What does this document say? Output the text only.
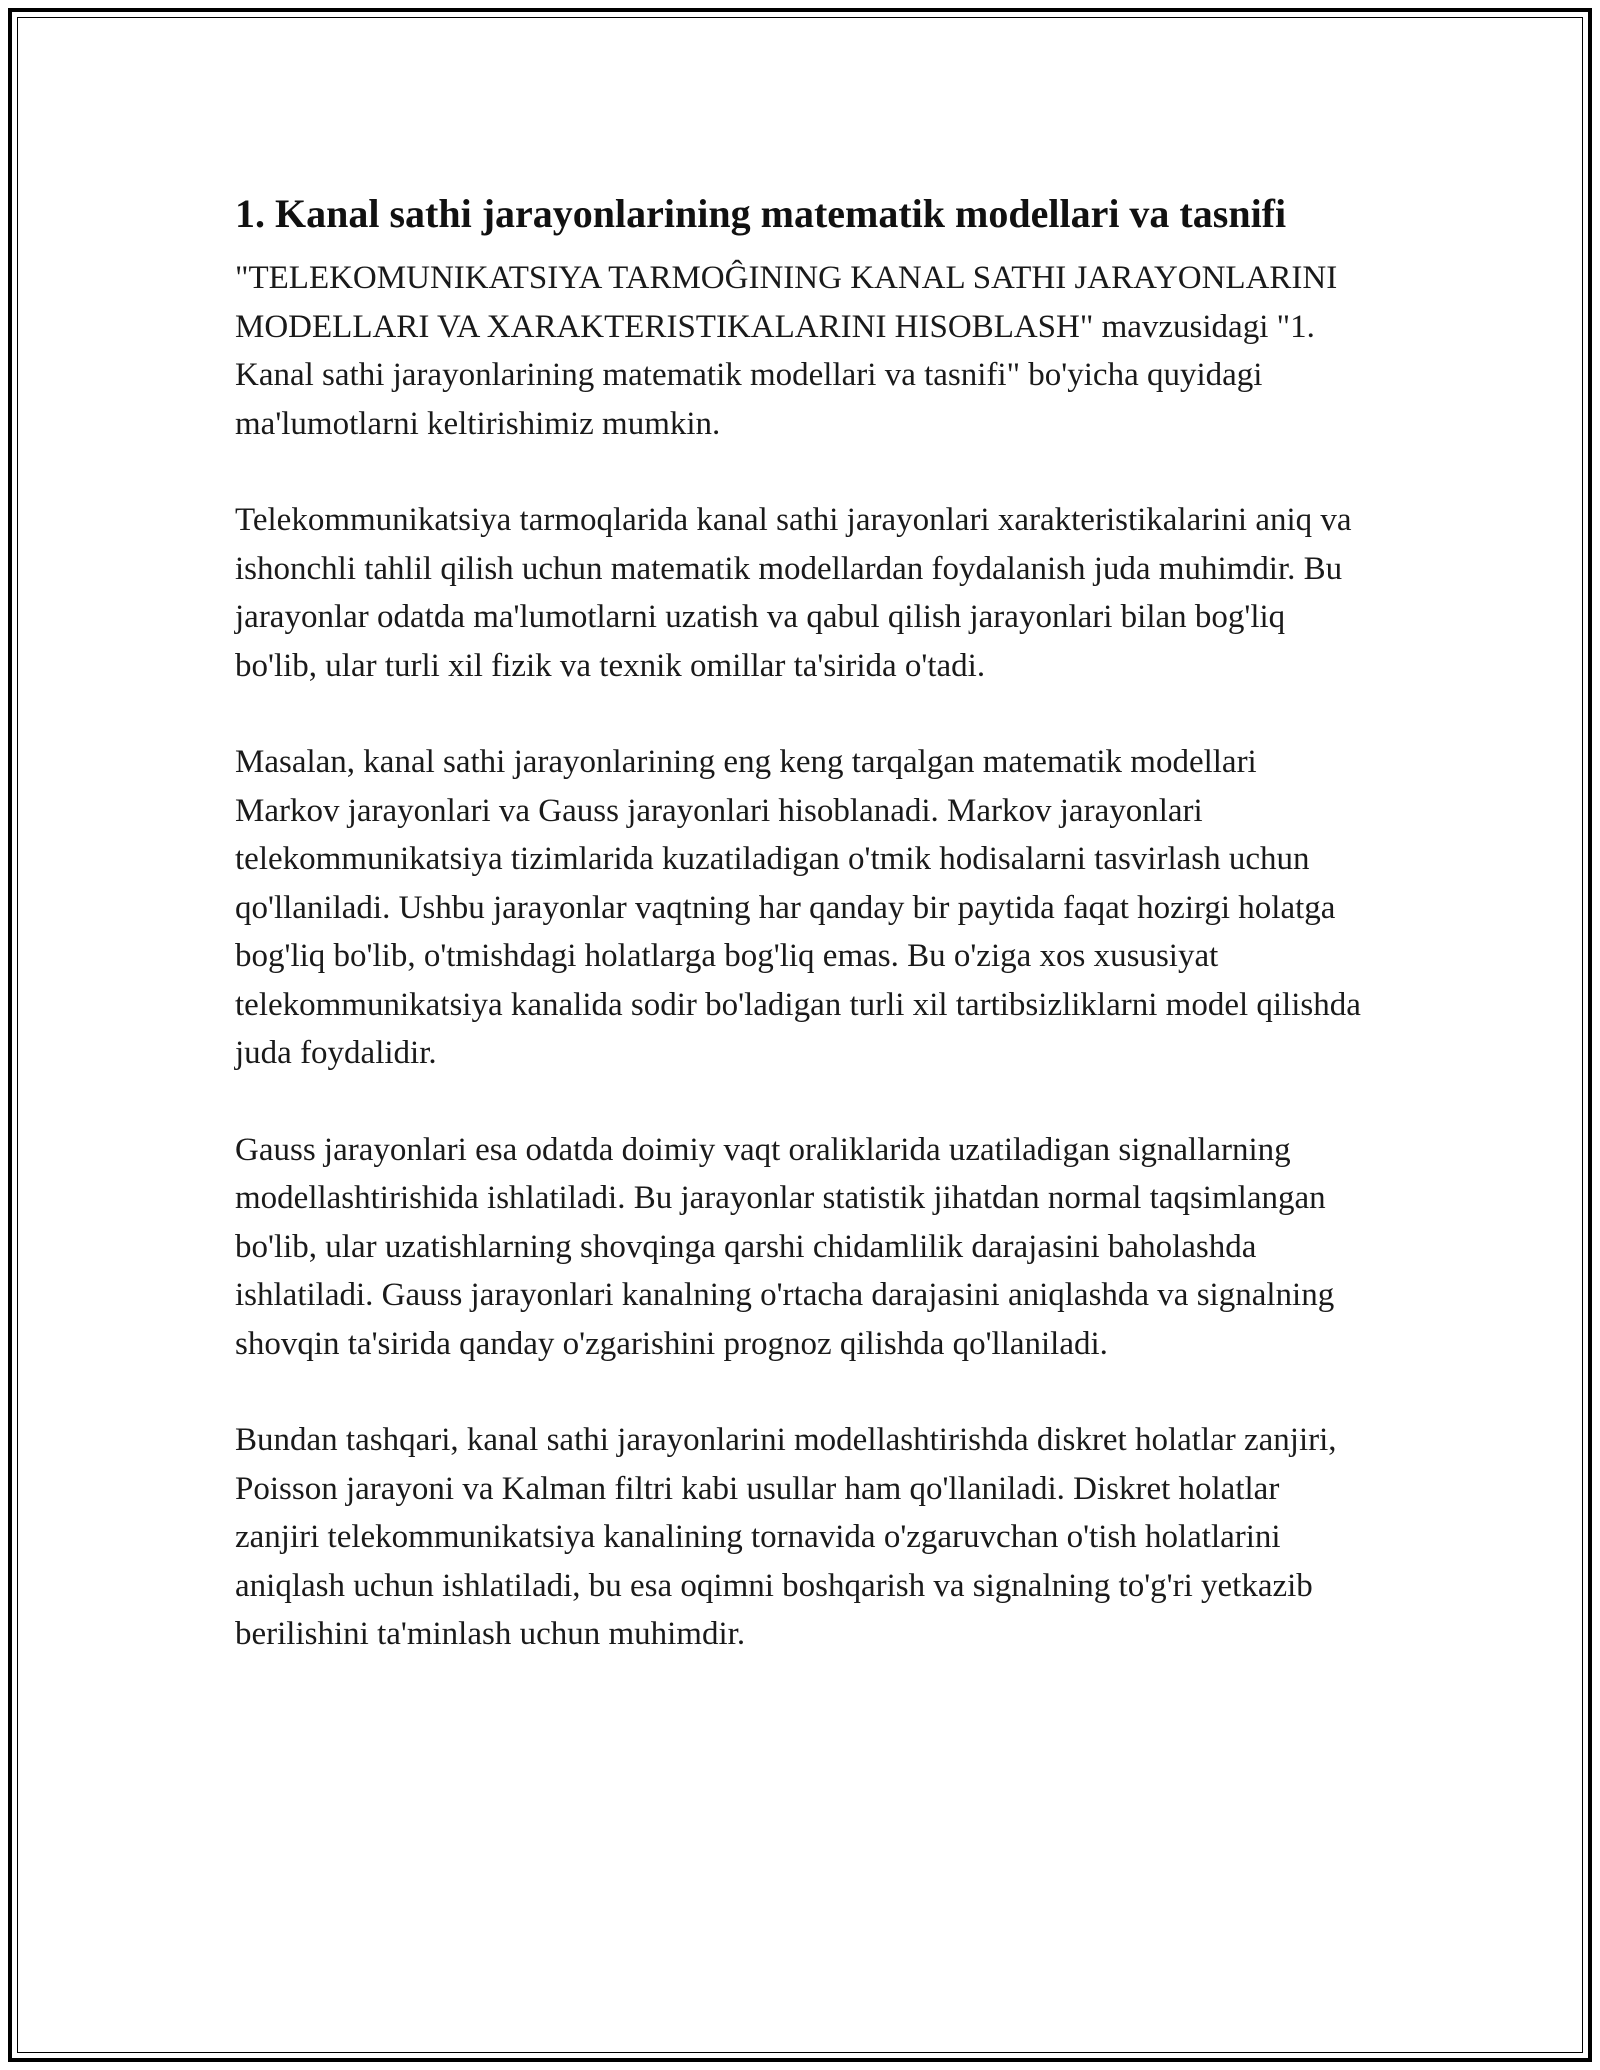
1. Kanal sathi jarayonlarining matematik modellari va tasnifi

"TELEKOMUNIKATSIYA TARMOĜINING KANAL SATHI JARAYONLARINI MODELLARI VA XARAKTERISTIKALARINI HISOBLASH" mavzusidagi "1. Kanal sathi jarayonlarining matematik modellari va tasnifi" bo'yicha quyidagi ma'lumotlarni keltirishimiz mumkin.

Telekommunikatsiya tarmoqlarida kanal sathi jarayonlari xarakteristikalarini aniq va ishonchli tahlil qilish uchun matematik modellardan foydalanish juda muhimdir. Bu jarayonlar odatda ma'lumotlarni uzatish va qabul qilish jarayonlari bilan bog'liq bo'lib, ular turli xil fizik va texnik omillar ta'sirida o'tadi.

Masalan, kanal sathi jarayonlarining eng keng tarqalgan matematik modellari Markov jarayonlari va Gauss jarayonlari hisoblanadi. Markov jarayonlari telekommunikatsiya tizimlarida kuzatiladigan o'tmik hodisalarni tasvirlash uchun qo'llaniladi. Ushbu jarayonlar vaqtning har qanday bir paytida faqat hozirgi holatga bog'liq bo'lib, o'tmishdagi holatlarga bog'liq emas. Bu o'ziga xos xususiyat telekommunikatsiya kanalida sodir bo'ladigan turli xil tartibsizliklarni model qilishda juda foydalidir.

Gauss jarayonlari esa odatda doimiy vaqt oraliklarida uzatiladigan signallarning modellashtirishida ishlatiladi. Bu jarayonlar statistik jihatdan normal taqsimlangan bo'lib, ular uzatishlarning shovqinga qarshi chidamlilik darajasini baholashda ishlatiladi. Gauss jarayonlari kanalning o'rtacha darajasini aniqlashda va signalning shovqin ta'sirida qanday o'zgarishini prognoz qilishda qo'llaniladi.

Bundan tashqari, kanal sathi jarayonlarini modellashtirishda diskret holatlar zanjiri, Poisson jarayoni va Kalman filtri kabi usullar ham qo'llaniladi. Diskret holatlar zanjiri telekommunikatsiya kanalining tornavida o'zgaruvchan o'tish holatlarini aniqlash uchun ishlatiladi, bu esa oqimni boshqarish va signalning to'g'ri yetkazib berilishini ta'minlash uchun muhimdir.
